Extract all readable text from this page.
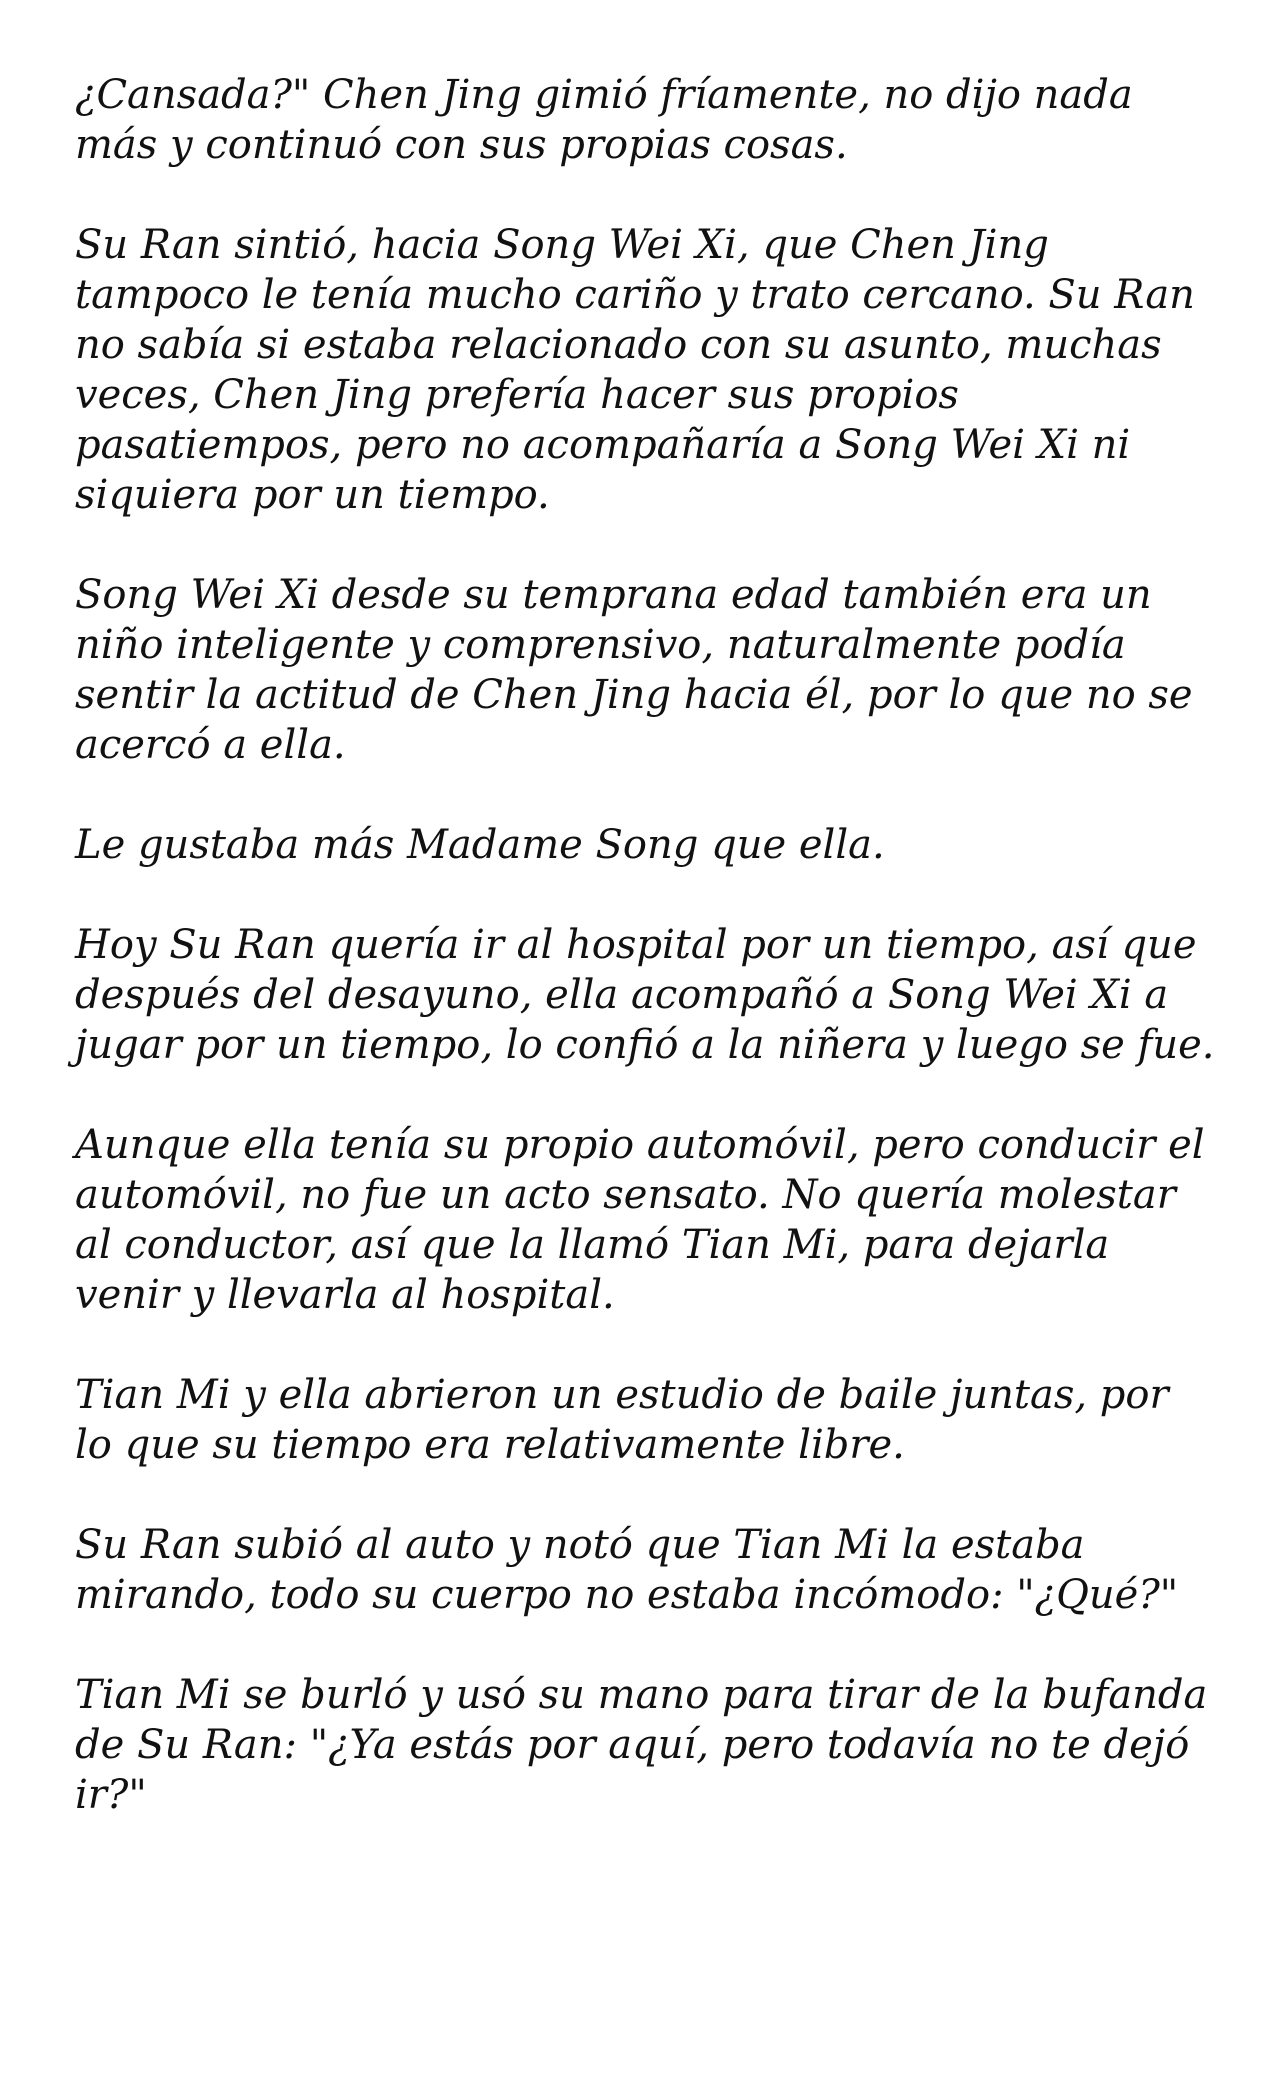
¿Cansada?" Chen Jing gimió fríamente, no dijo nada más y continuó con sus propias cosas.

Su Ran sintió, hacia Song Wei Xi, que Chen Jing tampoco le tenía mucho cariño y trato cercano. Su Ran no sabía si estaba relacionado con su asunto, muchas veces, Chen Jing prefería hacer sus propios pasatiempos, pero no acompañaría a Song Wei Xi ni siquiera por un tiempo.

Song Wei Xi desde su temprana edad también era un niño inteligente y comprensivo, naturalmente podía sentir la actitud de Chen Jing hacia él, por lo que no se acercó a ella.

Le gustaba más Madame Song que ella.

Hoy Su Ran quería ir al hospital por un tiempo, así que después del desayuno, ella acompañó a Song Wei Xi a jugar por un tiempo, lo confió a la niñera y luego se fue.

Aunque ella tenía su propio automóvil, pero conducir el automóvil, no fue un acto sensato. No quería molestar al conductor, así que la llamó Tian Mi, para dejarla venir y llevarla al hospital.

Tian Mi y ella abrieron un estudio de baile juntas, por lo que su tiempo era relativamente libre.

Su Ran subió al auto y notó que Tian Mi la estaba mirando, todo su cuerpo no estaba incómodo: "¿Qué?"

Tian Mi se burló y usó su mano para tirar de la bufanda de Su Ran: "¿Ya estás por aquí, pero todavía no te dejó ir?"
